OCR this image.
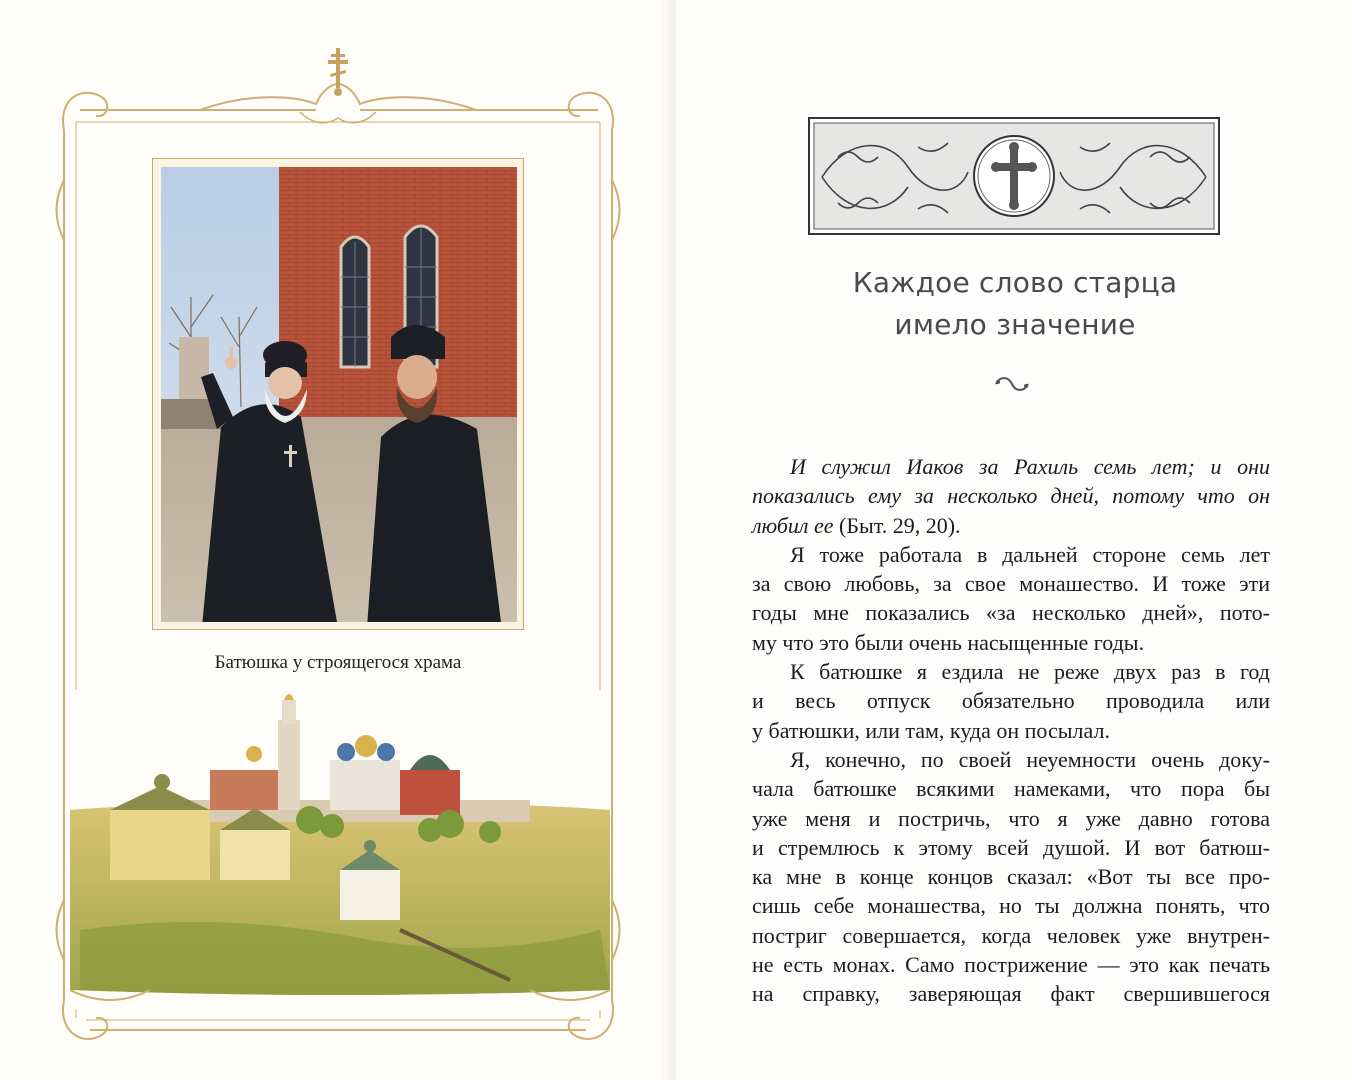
Батюшка у строящегося храма
Каждое слово старца
имело значение
И служил Иаков за Рахиль семь лет; и они
показались ему за несколько дней, потому что он
любил ее (Быт. 29, 20).
Я тоже работала в дальней стороне семь лет
за свою любовь, за свое монашество. И тоже эти
годы мне показались «за несколько дней», пото-
му что это были очень насыщенные годы.
К батюшке я ездила не реже двух раз в год
и весь отпуск обязательно проводила или
у батюшки, или там, куда он посылал.
Я, конечно, по своей неуемности очень доку-
чала батюшке всякими намеками, что пора бы
уже меня и постричь, что я уже давно готова
и стремлюсь к этому всей душой. И вот батюш-
ка мне в конце концов сказал: «Вот ты все про-
сишь себе монашества, но ты должна понять, что
постриг совершается, когда человек уже внутрен-
не есть монах. Само пострижение — это как печать
на справку, заверяющая факт свершившегося
